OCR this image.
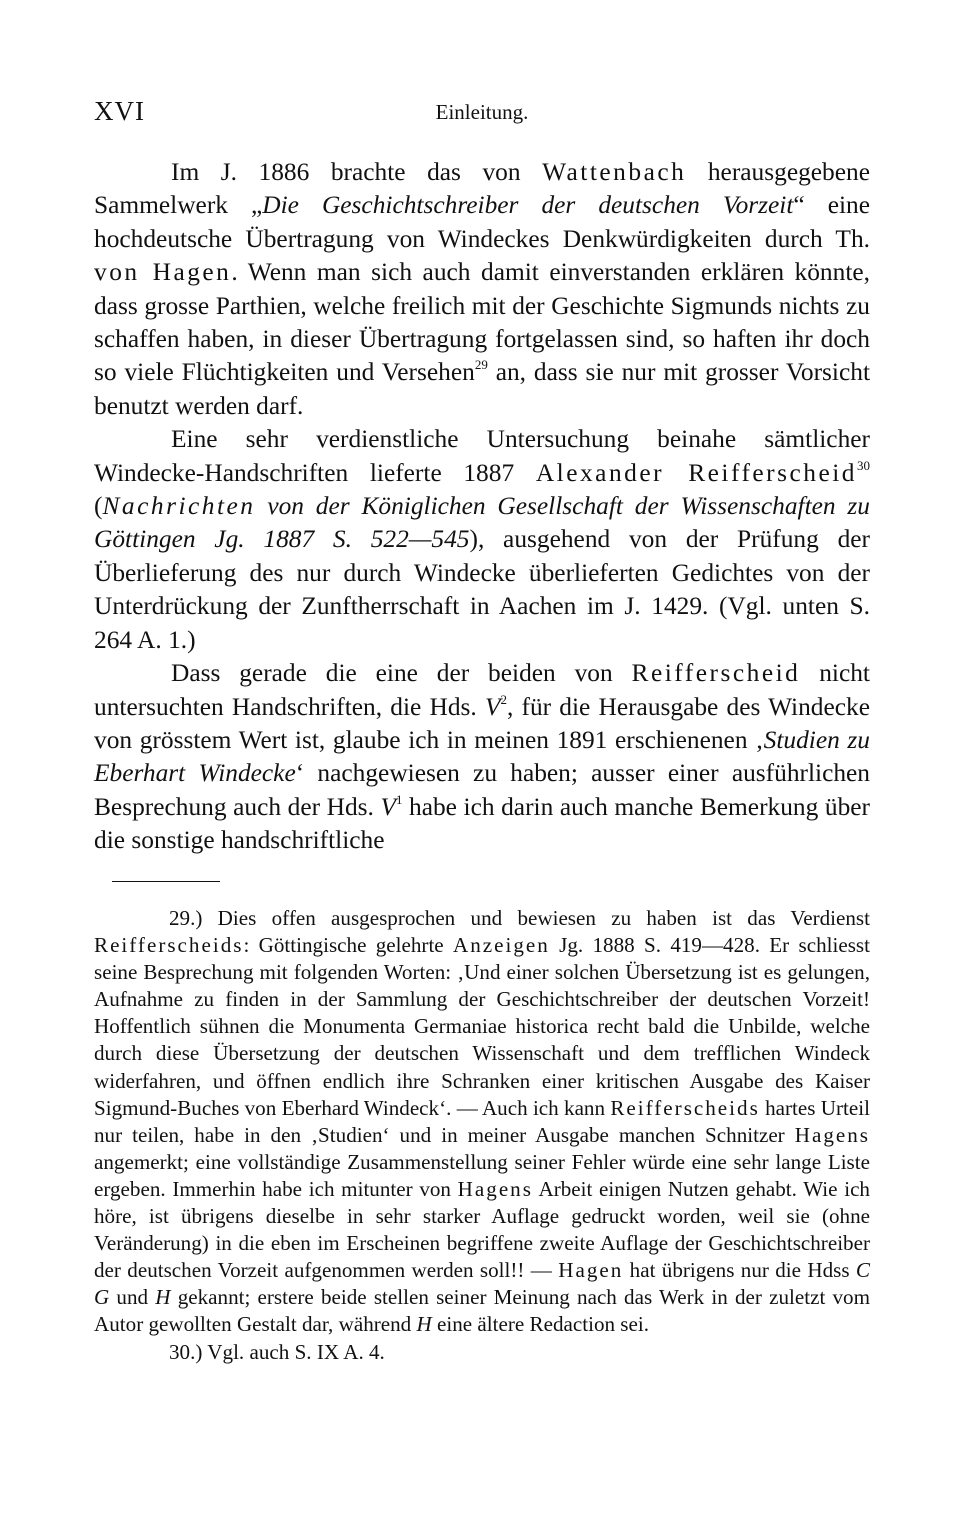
XVI	Einleitung.

Im J. 1886 brachte das von Wattenbach herausgegebene Sammelwerk „Die Geschichtschreiber der deutschen Vorzeit“ eine hochdeutsche Übertragung von Windeckes Denkwürdigkeiten durch Th. von Hagen. Wenn man sich auch damit einverstanden erklären könnte, dass grosse Parthien, welche freilich mit der Geschichte Sigmunds nichts zu schaffen haben, in dieser Übertragung fortgelassen sind, so haften ihr doch so viele Flüchtigkeiten und Versehen$^{29}$ an, dass sie nur mit grosser Vorsicht benutzt werden darf.

Eine sehr verdienstliche Untersuchung beinahe sämtlicher Windecke-Handschriften lieferte 1887 Alexander Reifferscheid$^{30}$ (Nachrichten von der Königlichen Gesellschaft der Wissenschaften zu Göttingen Jg. 1887 S. 522—545), ausgehend von der Prüfung der Überlieferung des nur durch Windecke überlieferten Gedichtes von der Unterdrückung der Zunftherrschaft in Aachen im J. 1429. (Vgl. unten S. 264 A. 1.)

Dass gerade die eine der beiden von Reifferscheid nicht untersuchten Handschriften, die Hds. $V^2$, für die Herausgabe des Windecke von grösstem Wert ist, glaube ich in meinen 1891 erschienenen ‚Studien zu Eberhart Windecke‘ nachgewiesen zu haben; ausser einer ausführlichen Besprechung auch der Hds. $V^1$ habe ich darin auch manche Bemerkung über die sonstige handschriftliche

29.) Dies offen ausgesprochen und bewiesen zu haben ist das Verdienst Reifferscheids: Göttingische gelehrte Anzeigen Jg. 1888 S. 419—428. Er schliesst seine Besprechung mit folgenden Worten: ‚Und einer solchen Übersetzung ist es gelungen, Aufnahme zu finden in der Sammlung der Geschichtschreiber der deutschen Vorzeit! Hoffentlich sühnen die Monumenta Germaniae historica recht bald die Unbilde, welche durch diese Übersetzung der deutschen Wissenschaft und dem trefflichen Windeck widerfahren, und öffnen endlich ihre Schranken einer kritischen Ausgabe des Kaiser Sigmund-Buches von Eberhard Windeck‘. — Auch ich kann Reifferscheids hartes Urteil nur teilen, habe in den ‚Studien‘ und in meiner Ausgabe manchen Schnitzer Hagens angemerkt; eine vollständige Zusammenstellung seiner Fehler würde eine sehr lange Liste ergeben. Immerhin habe ich mitunter von Hagens Arbeit einigen Nutzen gehabt. Wie ich höre, ist übrigens dieselbe in sehr starker Auflage gedruckt worden, weil sie (ohne Veränderung) in die eben im Erscheinen begriffene zweite Auflage der Geschichtschreiber der deutschen Vorzeit aufgenommen werden soll!! — Hagen hat übrigens nur die Hdss C G und H gekannt; erstere beide stellen seiner Meinung nach das Werk in der zuletzt vom Autor gewollten Gestalt dar, während H eine ältere Redaction sei.

30.) Vgl. auch S. IX A. 4.
